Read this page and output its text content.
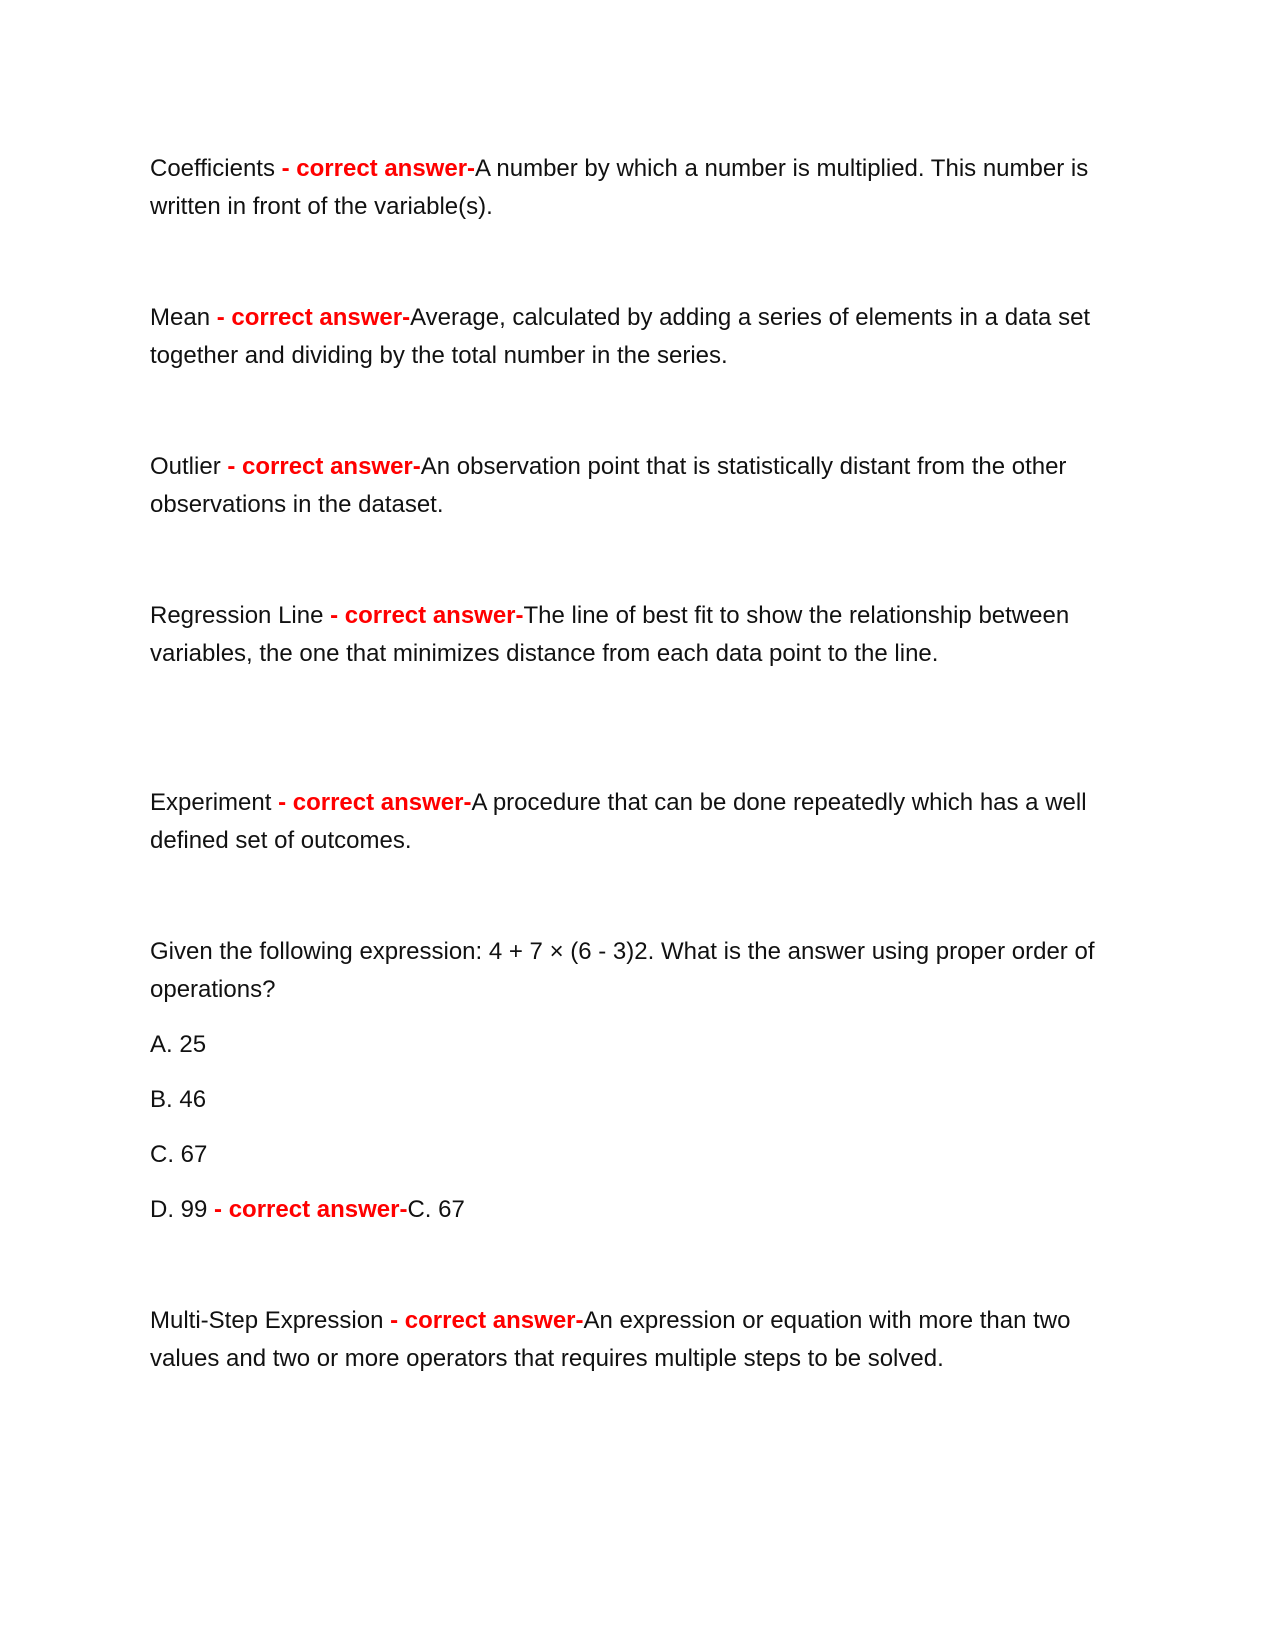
Coefficients - correct answer-A number by which a number is multiplied. This number is written in front of the variable(s).

Mean - correct answer-Average, calculated by adding a series of elements in a data set together and dividing by the total number in the series.

Outlier - correct answer-An observation point that is statistically distant from the other observations in the dataset.

Regression Line - correct answer-The line of best fit to show the relationship between variables, the one that minimizes distance from each data point to the line.

Experiment - correct answer-A procedure that can be done repeatedly which has a well defined set of outcomes.

Given the following expression: 4 + 7 × (6 - 3)2. What is the answer using proper order of operations?

A. 25
B. 46
C. 67
D. 99 - correct answer-C. 67

Multi-Step Expression - correct answer-An expression or equation with more than two values and two or more operators that requires multiple steps to be solved.
